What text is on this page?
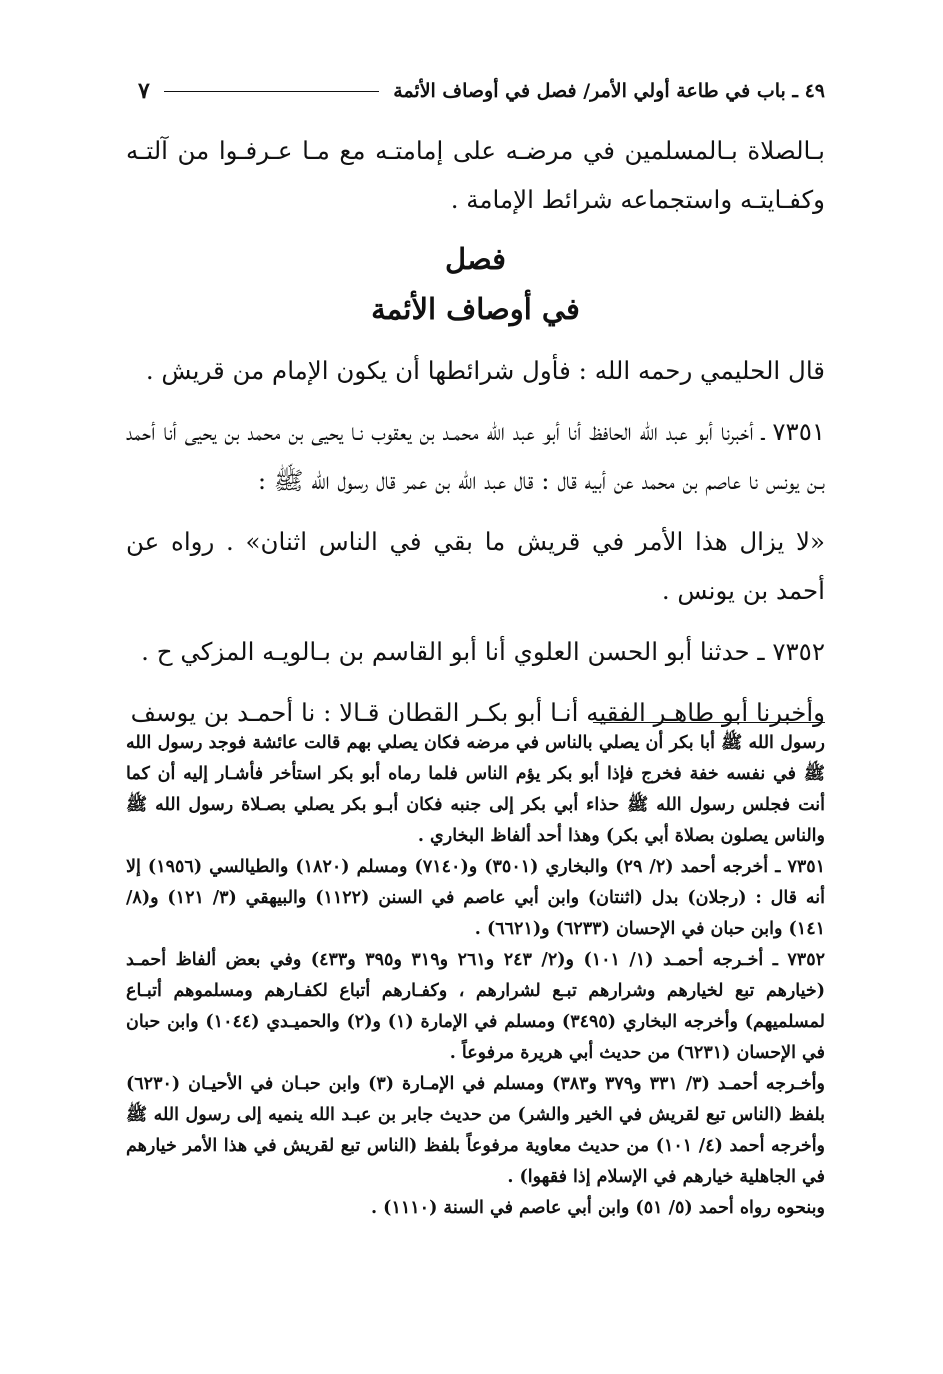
٤٩ ـ باب في طاعة أولي الأمر/ فصل في أوصاف الأئمة
٧

بـالصلاة بـالمسلمين في مرضـه على إمامتـه مع مـا عـرفـوا من آلتـه وكفـايتـه واستجماعه شرائط الإمامة .

فصل
في أوصاف الأئمة

قال الحليمي رحمه الله : فأول شرائطها أن يكون الإمام من قريش .

٧٣٥١ ـ أخبرنا أبو عبد الله الحافظ أنا أبو عبد الله محمـد بن يعقوب نـا يحيى بن محمد بن يحيى أنا أحمد بـن يونس نا عاصم بن محمد عن أبيه قال : قال عبد الله بن عمر قال رسول الله ﷺ :

«لا يزال هذا الأمر في قريش ما بقي في الناس اثنان» . رواه عن أحمد بن يونس .

٧٣٥٢ ـ حدثنا أبو الحسن العلوي أنا أبو القاسم بن بـالويـه المزكي ح .

وأخبرنا أبو طاهـر الفقيه أنـا أبو بكـر القطان قـالا : نا أحمـد بن يوسف

رسول الله ﷺ أبا بكر أن يصلي بالناس في مرضه فكان يصلي بهم قالت عائشة فوجد رسول الله ﷺ في نفسه خفة فخرج فإذا أبو بكر يؤم الناس فلما رماه أبو بكر استأخر فأشـار إليه أن كما أنت فجلس رسول الله ﷺ حذاء أبي بكر إلى جنبه فكان أبـو بكر يصلي بصـلاة رسول الله ﷺ والناس يصلون بصلاة أبي بكر) وهذا أحد ألفاظ البخاري .

٧٣٥١ ـ أخرجه أحمد (٢/ ٢٩) والبخاري (٣٥٠١) و(٧١٤٠) ومسلم (١٨٢٠) والطيالسي (١٩٥٦) إلا أنه قال : (رجلان) بدل (اثنتان) وابن أبي عاصم في السنن (١١٢٢) والبيهقي (٣/ ١٢١) و(٨/ ١٤١) وابن حبان في الإحسان (٦٢٣٣) و(٦٦٢١) .

٧٣٥٢ ـ أخـرجه أحمـد (١/ ١٠١) و(٢/ ٢٤٣ و٢٦١ و٣١٩ و٣٩٥ و٤٣٣) وفي بعض ألفاظ أحمـد (خيارهم تبع لخيارهم وشرارهم تبـع لشرارهم ، وكفـارهم أتباع لكفـارهم ومسلموهم أتبـاع لمسلميهم) وأخرجه البخاري (٣٤٩٥) ومسلم في الإمارة (١) و(٢) والحميـدي (١٠٤٤) وابن حبان في الإحسان (٦٢٣١) من حديث أبي هريرة مرفوعاً .

وأخـرجه أحمـد (٣/ ٣٣١ و٣٧٩ و٣٨٣) ومسلم في الإمـارة (٣) وابن حبـان في الأحيـان (٦٢٣٠) بلفظ (الناس تبع لقريش في الخير والشر) من حديث جابر بن عبـد الله ينميه إلى رسول الله ﷺ وأخرجه أحمد (٤/ ١٠١) من حديث معاوية مرفوعاً بلفظ (الناس تبع لقريش في هذا الأمر خيارهم في الجاهلية خيارهم في الإسلام إذا فقهوا) .

وبنحوه رواه أحمد (٥/ ٥١) وابن أبي عاصم في السنة (١١١٠) .
